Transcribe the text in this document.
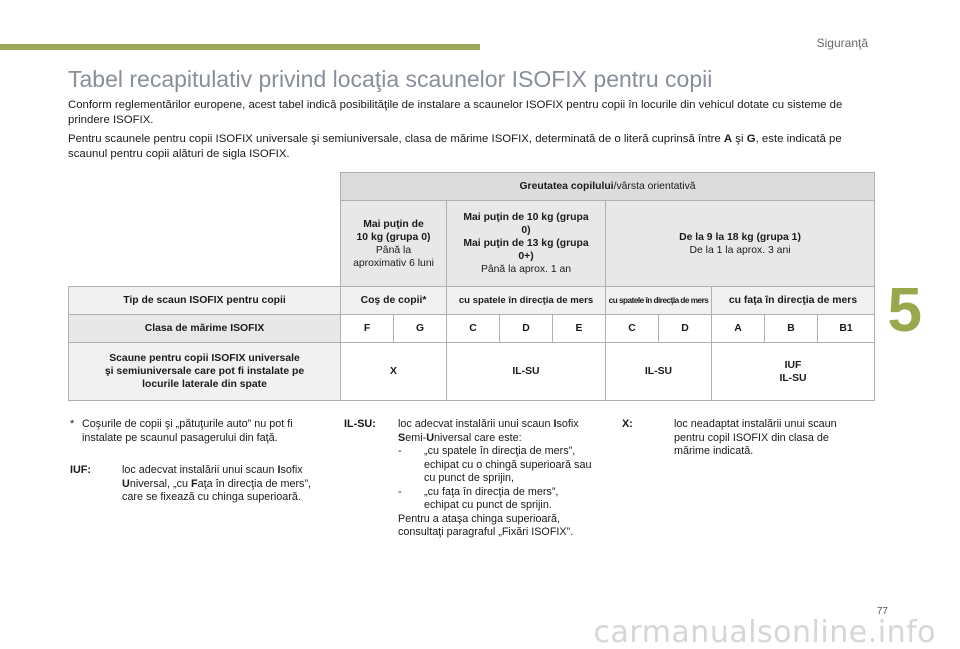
Siguranţă
5
Tabel recapitulativ privind locaţia scaunelor ISOFIX pentru copii

Conform reglementărilor europene, acest tabel indică posibilităţile de instalare a scaunelor ISOFIX pentru copii în locurile din vehicul dotate cu sisteme de prindere ISOFIX.

Pentru scaunele pentru copii ISOFIX universale şi semiuniversale, clasa de mărime ISOFIX, determinată de o literă cuprinsă între A şi G, este indicată pe scaunul pentru copii alături de sigla ISOFIX.

	Greutatea copilului/vârsta orientativă									
	Mai puţin de
10 kg (grupa 0)
Până la
aproximativ 6 luni		Mai puţin de 10 kg (grupa
0)
Mai puţin de 13 kg (grupa
0+)
Până la aprox. 1 an			De la 9 la 18 kg (grupa 1)
De la 1 la aprox. 3 ani				
Tip de scaun ISOFIX pentru copii	Coş de copii*		cu spatele în direcţia de mers			cu spatele în direcţia de mers		cu faţa în direcţia de mers		
Clasa de mărime ISOFIX	F	G	C	D	E	C	D	A	B	B1
Scaune pentru copii ISOFIX universale
şi semiuniversale care pot fi instalate pe
locurile laterale din spate	X		IL-SU			IL-SU		IUF
IL-SU		
* Coşurile de copii şi „pătuţurile auto” nu pot fi instalate pe scaunul pasagerului din faţă.
IUF:	loc adecvat instalării unui scaun Isofix Universal, „cu Faţa în direcţia de mers”, care se fixează cu chinga superioară.
IL-SU:	loc adecvat instalării unui scaun Isofix Semi-Universal care este:
- „cu spatele în direcţia de mers”, echipat cu o chingă superioară sau cu punct de sprijin,
- „cu faţa în direcţia de mers”, echipat cu punct de sprijin.
Pentru a ataşa chinga superioară, consultaţi paragraful „Fixări ISOFIX”.
X:	loc neadaptat instalării unui scaun pentru copil ISOFIX din clasa de mărime indicată.
77
carmanualsonline.info
